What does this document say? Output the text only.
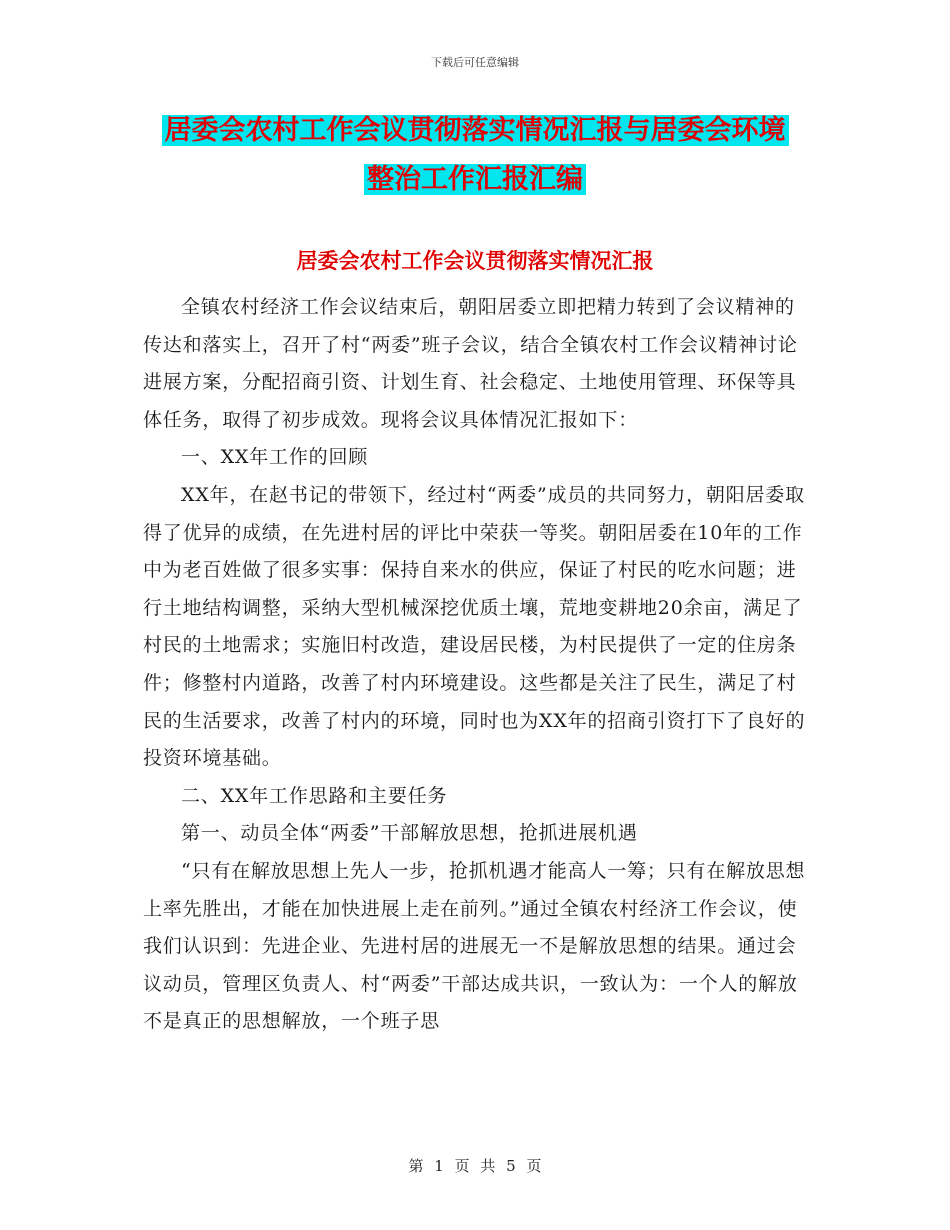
下载后可任意编辑
居委会农村工作会议贯彻落实情况汇报与居委会环境
整治工作汇报汇编
居委会农村工作会议贯彻落实情况汇报

全镇农村经济工作会议结束后，朝阳居委立即把精力转到了会议精神的传达和落实上，召开了村“两委”班子会议，结合全镇农村工作会议精神讨论进展方案，分配招商引资、计划生育、社会稳定、土地使用管理、环保等具体任务，取得了初步成效。现将会议具体情况汇报如下：

一、XX年工作的回顾

XX年，在赵书记的带领下，经过村“两委”成员的共同努力，朝阳居委取得了优异的成绩，在先进村居的评比中荣获一等奖。朝阳居委在10年的工作中为老百姓做了很多实事：保持自来水的供应，保证了村民的吃水问题；进行土地结构调整，采纳大型机械深挖优质土壤，荒地变耕地20余亩，满足了村民的土地需求；实施旧村改造，建设居民楼，为村民提供了一定的住房条件；修整村内道路，改善了村内环境建设。这些都是关注了民生，满足了村民的生活要求，改善了村内的环境，同时也为XX年的招商引资打下了良好的投资环境基础。

二、XX年工作思路和主要任务

第一、动员全体“两委”干部解放思想，抢抓进展机遇

“只有在解放思想上先人一步，抢抓机遇才能高人一筹；只有在解放思想上率先胜出，才能在加快进展上走在前列。”通过全镇农村经济工作会议，使我们认识到：先进企业、先进村居的进展无一不是解放思想的结果。通过会议动员，管理区负责人、村“两委”干部达成共识，一致认为：一个人的解放不是真正的思想解放，一个班子思

第 1 页 共 5 页
